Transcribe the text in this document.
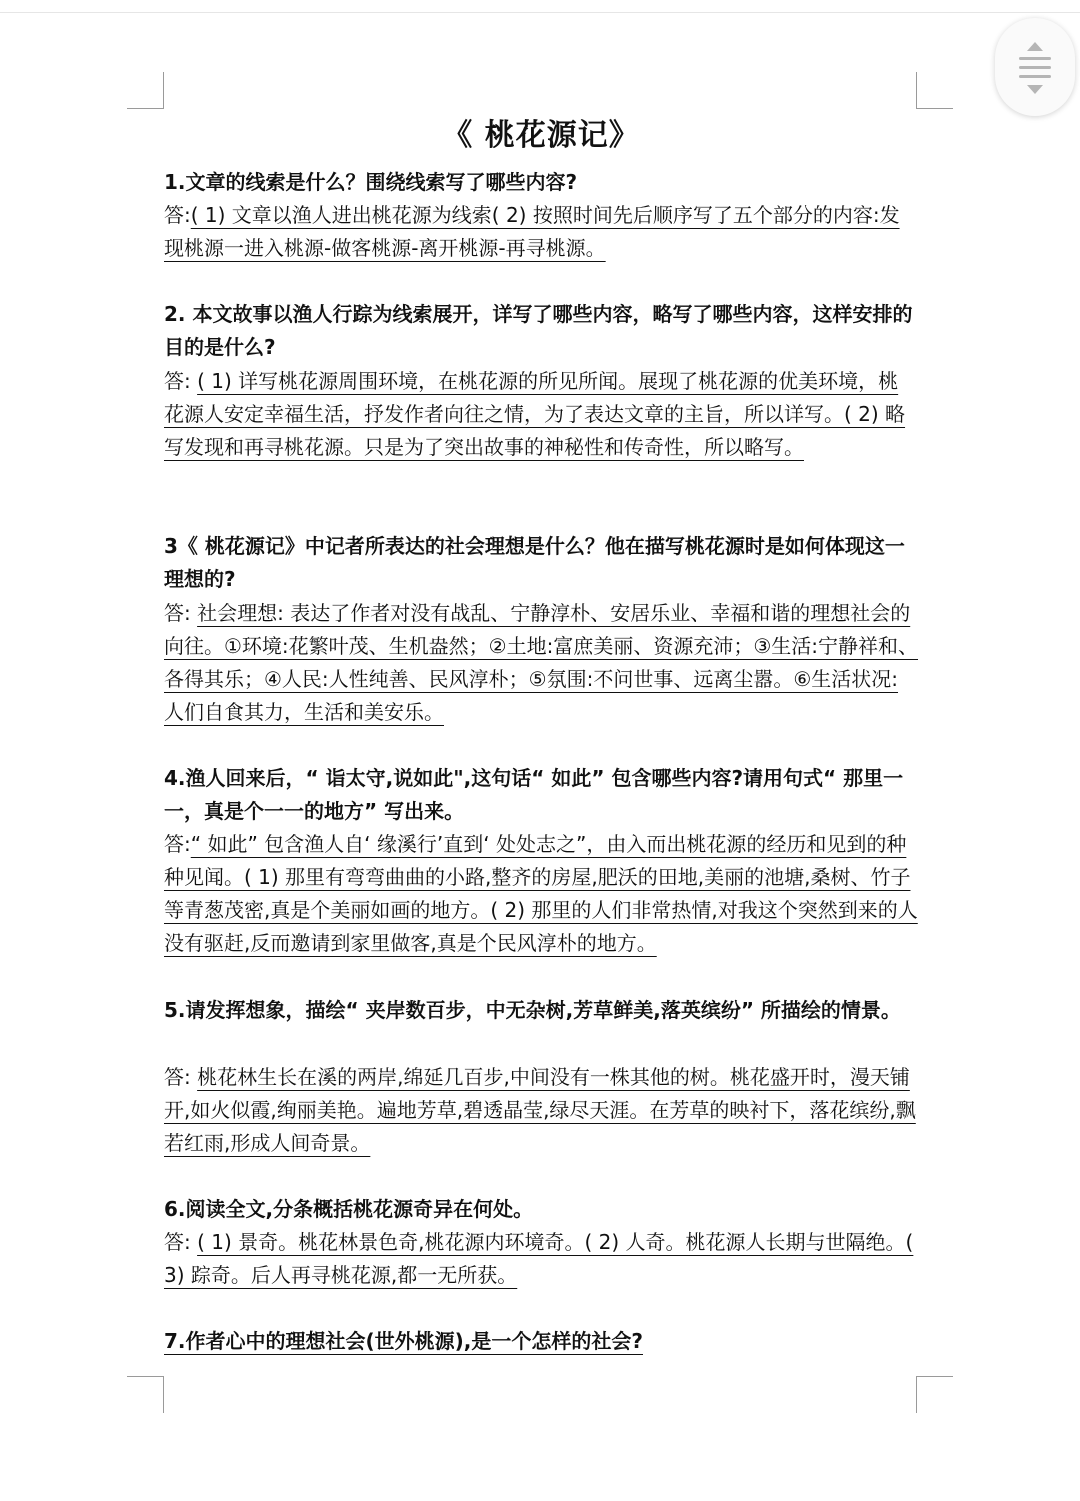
《 桃花源记》
1.文章的线索是什么？围绕线索写了哪些内容?
答:( 1) 文章以渔人进出桃花源为线索( 2) 按照时间先后顺序写了五个部分的内容:发现桃源一进入桃源-做客桃源-离开桃源-再寻桃源。
2. 本文故事以渔人行踪为线索展开，详写了哪些内容，略写了哪些内容，这样安排的目的是什么?
答: ( 1) 详写桃花源周围环境，在桃花源的所见所闻。展现了桃花源的优美环境，桃花源人安定幸福生活，抒发作者向往之情，为了表达文章的主旨，所以详写。( 2) 略写发现和再寻桃花源。只是为了突出故事的神秘性和传奇性，所以略写。
3《 桃花源记》中记者所表达的社会理想是什么？他在描写桃花源时是如何体现这一理想的?
答: 社会理想: 表达了作者对没有战乱、宁静淳朴、安居乐业、幸福和谐的理想社会的向往。①环境:花繁叶茂、生机盎然；②土地:富庶美丽、资源充沛；③生活:宁静祥和、各得其乐；④人民:人性纯善、民风淳朴；⑤氛围:不问世事、远离尘嚣。⑥生活状况: 人们自食其力，生活和美安乐。
4.渔人回来后，“ 诣太守,说如此",这句话“ 如此” 包含哪些内容?请用句式“ 那里一一，真是个一一的地方” 写出来。
答:“ 如此” 包含渔人自‘ 缘溪行’直到‘ 处处志之”，由入而出桃花源的经历和见到的种种见闻。( 1) 那里有弯弯曲曲的小路,整齐的房屋,肥沃的田地,美丽的池塘,桑树、竹子等青葱茂密,真是个美丽如画的地方。( 2) 那里的人们非常热情,对我这个突然到来的人没有驱赶,反而邀请到家里做客,真是个民风淳朴的地方。
5.请发挥想象，描绘“ 夹岸数百步，中无杂树,芳草鲜美,落英缤纷” 所描绘的情景。
答: 桃花林生长在溪的两岸,绵延几百步,中间没有一株其他的树。桃花盛开时，漫天铺开,如火似霞,绚丽美艳。遍地芳草,碧透晶莹,绿尽天涯。在芳草的映衬下，落花缤纷,飘若红雨,形成人间奇景。
6.阅读全文,分条概括桃花源奇异在何处。
答: ( 1) 景奇。桃花林景色奇,桃花源内环境奇。( 2) 人奇。桃花源人长期与世隔绝。( 3) 踪奇。后人再寻桃花源,都一无所获。
7.作者心中的理想社会(世外桃源),是一个怎样的社会?
